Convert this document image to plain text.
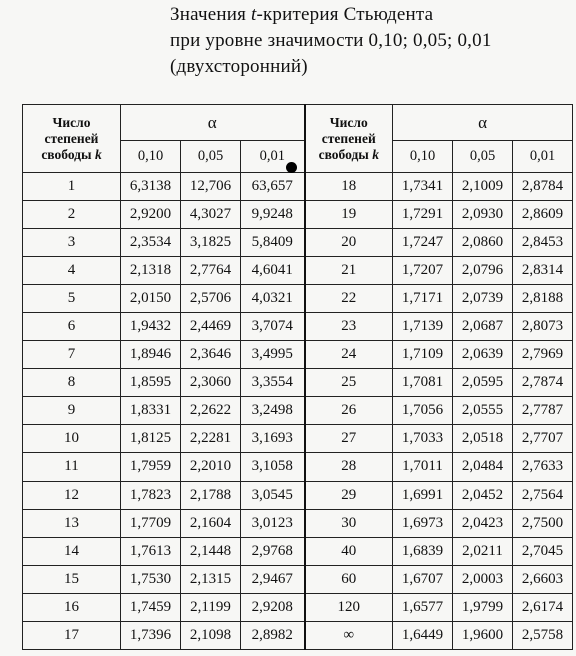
Значения t-критерия Стьюдента
при уровне значимости 0,10; 0,05; 0,01
(двухсторонний)
Число
степеней
свободы k	α			Число
степеней
свободы k	α		
	0,10	0,05	0,01		0,10	0,05	0,01
1	6,3138	12,706	63,657	18	1,7341	2,1009	2,8784
2	2,9200	4,3027	9,9248	19	1,7291	2,0930	2,8609
3	2,3534	3,1825	5,8409	20	1,7247	2,0860	2,8453
4	2,1318	2,7764	4,6041	21	1,7207	2,0796	2,8314
5	2,0150	2,5706	4,0321	22	1,7171	2,0739	2,8188
6	1,9432	2,4469	3,7074	23	1,7139	2,0687	2,8073
7	1,8946	2,3646	3,4995	24	1,7109	2,0639	2,7969
8	1,8595	2,3060	3,3554	25	1,7081	2,0595	2,7874
9	1,8331	2,2622	3,2498	26	1,7056	2,0555	2,7787
10	1,8125	2,2281	3,1693	27	1,7033	2,0518	2,7707
11	1,7959	2,2010	3,1058	28	1,7011	2,0484	2,7633
12	1,7823	2,1788	3,0545	29	1,6991	2,0452	2,7564
13	1,7709	2,1604	3,0123	30	1,6973	2,0423	2,7500
14	1,7613	2,1448	2,9768	40	1,6839	2,0211	2,7045
15	1,7530	2,1315	2,9467	60	1,6707	2,0003	2,6603
16	1,7459	2,1199	2,9208	120	1,6577	1,9799	2,6174
17	1,7396	2,1098	2,8982	∞	1,6449	1,9600	2,5758
